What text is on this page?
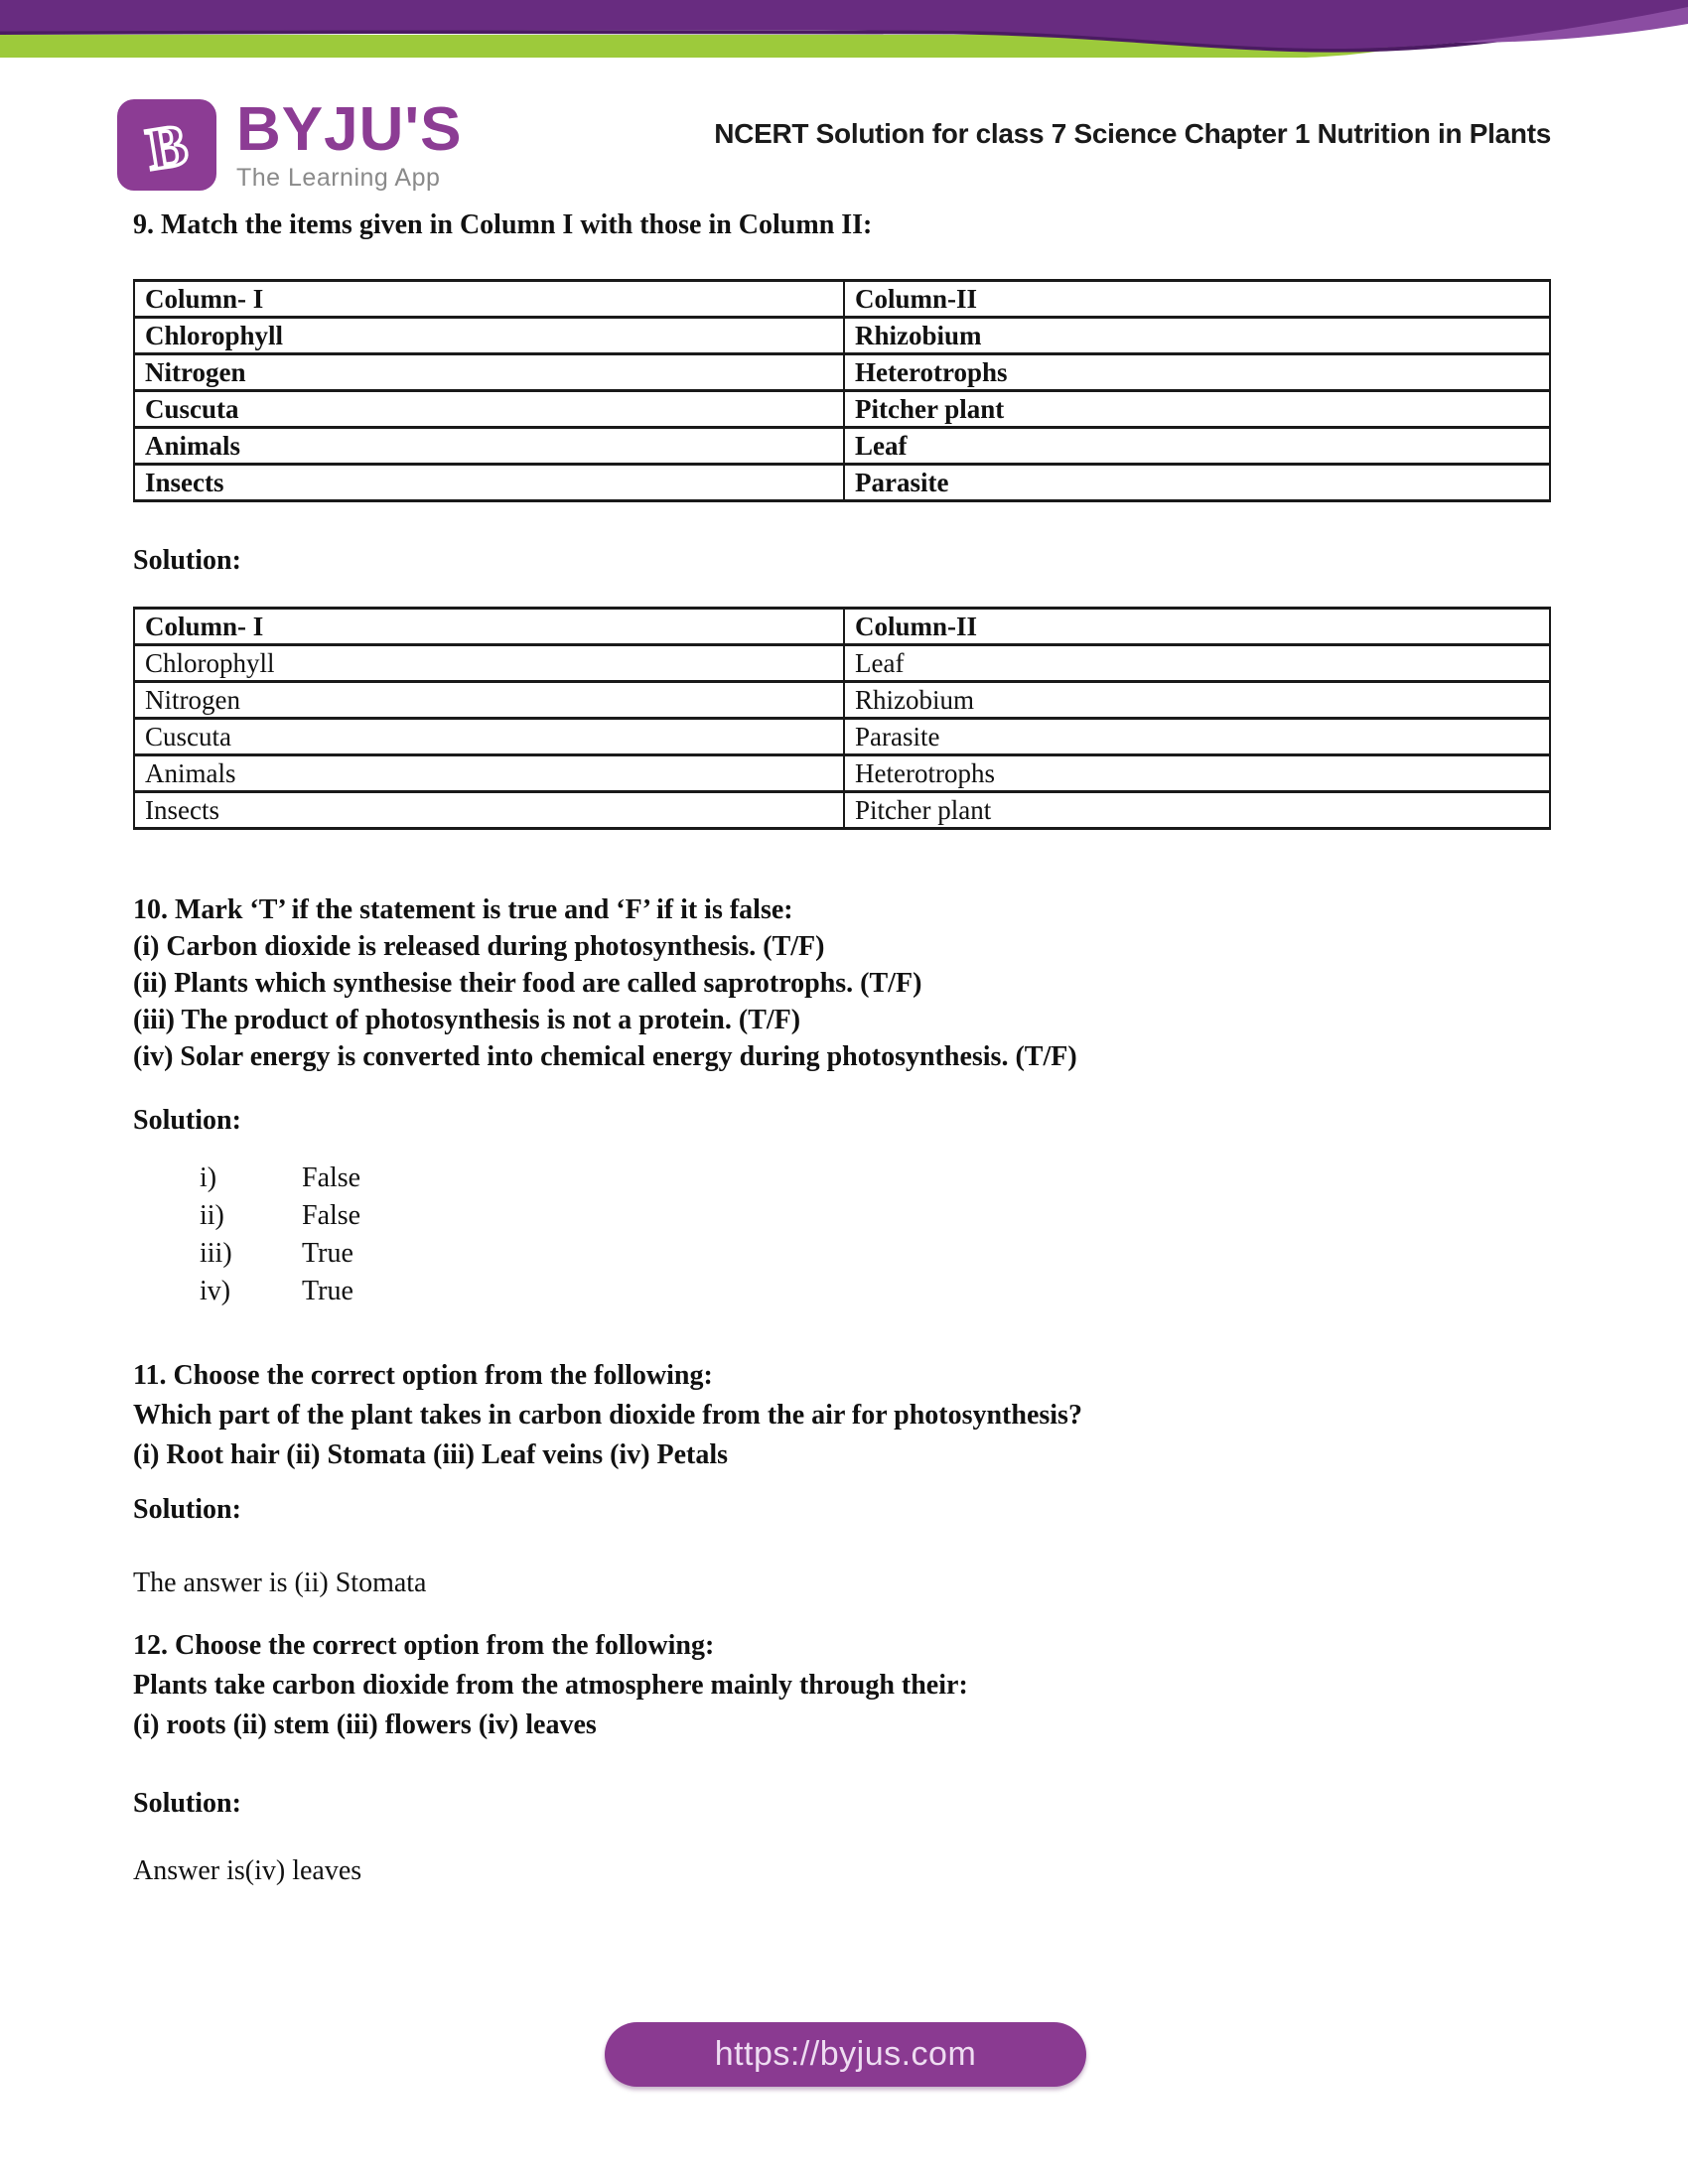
B BYJU'S
The Learning App
NCERT Solution for class 7 Science Chapter 1 Nutrition in Plants
9. Match the items given in Column I with those in Column II:
Column- I	Column-II
Chlorophyll	Rhizobium
Nitrogen	Heterotrophs
Cuscuta	Pitcher plant
Animals	Leaf
Insects	Parasite
Solution:
Column- I	Column-II
Chlorophyll	Leaf
Nitrogen	Rhizobium
Cuscuta	Parasite
Animals	Heterotrophs
Insects	Pitcher plant
10. Mark ‘T’ if the statement is true and ‘F’ if it is false:
(i) Carbon dioxide is released during photosynthesis. (T/F)
(ii) Plants which synthesise their food are called saprotrophs. (T/F)
(iii) The product of photosynthesis is not a protein. (T/F)
(iv) Solar energy is converted into chemical energy during photosynthesis. (T/F)
Solution:
i)	False
ii)	False
iii)	True
iv)	True
11. Choose the correct option from the following:
Which part of the plant takes in carbon dioxide from the air for photosynthesis?
(i) Root hair (ii) Stomata (iii) Leaf veins (iv) Petals
Solution:
The answer is (ii) Stomata
12. Choose the correct option from the following:
Plants take carbon dioxide from the atmosphere mainly through their:
(i) roots (ii) stem (iii) flowers (iv) leaves
Solution:
Answer is(iv) leaves
https://byjus.com
